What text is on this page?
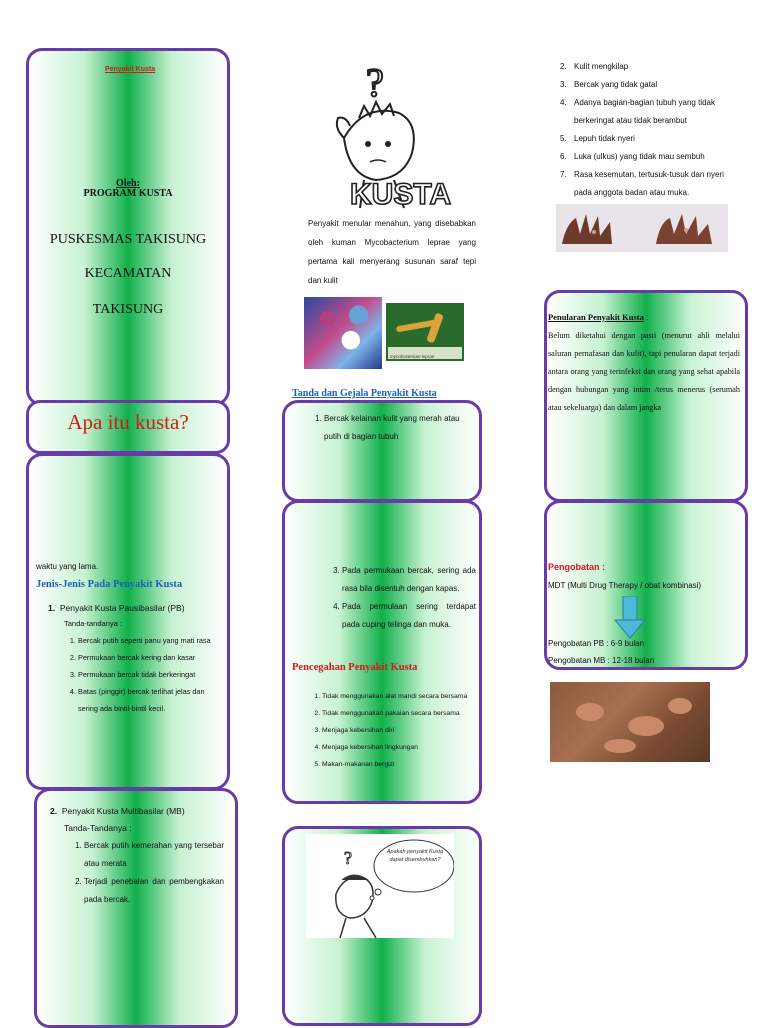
Penyakit Kusta
Oleh:
PROGRAM KUSTA
PUSKESMAS TAKISUNG
KECAMATAN
TAKISUNG
Apa itu kusta?
waktu yang lama.
Jenis-Jenis Pada Penyakit Kusta
1. Penyakit Kusta Pausibasilar (PB)
Tanda-tandanya :
1. Bercak putih seperti panu yang mati rasa
2. Permukaan bercak kering dan kasar
3. Permukaan bercak tidak berkeringat
4. Batas (pinggir) bercak terlihat jelas dan sering ada bintil-bintil kecil.
2. Penyakit Kusta Multibasilar (MB)
Tanda-Tandanya :
1. Bercak putih kemerahan yang tersebar atau merata
2. Terjadi penebalan dan pembengkakan pada bercak.
?
KUSTA
Penyakit menular menahun, yang disebabkan oleh kuman Mycobacterium leprae yang pertama kali menyerang susunan saraf tepi dan kulit
mycobacterium leprae
Tanda dan Gejala Penyakit Kusta
1. Bercak kelainan kulit yang merah atau putih di bagian tubuh
3. Pada permukaan bercak, sering ada rasa bila disentuh dengan kapas.
4. Pada permulaan sering terdapat pada cuping telinga dan muka.
Pencegahan Penyakit Kusta
1. Tidak menggunakan alat mandi secara bersama
2. Tidak menggunakan pakaian secara bersama
3. Menjaga kebersihan diri
4. Menjaga kebersihan lingkungan
5. Makan-makanan bergizi
?	Apakah penyakit Kusta dapat disembuhkan?
2. Kulit mengkilap
3. Bercak yang tidak gatal
4. Adanya bagian-bagian tubuh yang tidak berkeringat atau tidak berambut
5. Lepuh tidak nyeri
6. Luka (ulkus) yang tidak mau sembuh
7. Rasa kesemutan, tertusuk-tusuk dan nyeri pada anggota badan atau muka.
Penularan Penyakit Kusta :
Belum diketahui dengan pasti (menurut ahli melalui saluran pernafasan dan kulit), tapi penularan dapat terjadi antara orang yang terinfeksi dan orang yang sehat apabila dengan hubungan yang intim /terus menerus (serumah atau sekeluarga) dan dalam jangka
Pengobatan :
MDT (Multi Drug Therapy / obat kombinasi)
Pengobatan PB : 6-9 bulan
Pengobatan MB : 12-18 bulan
